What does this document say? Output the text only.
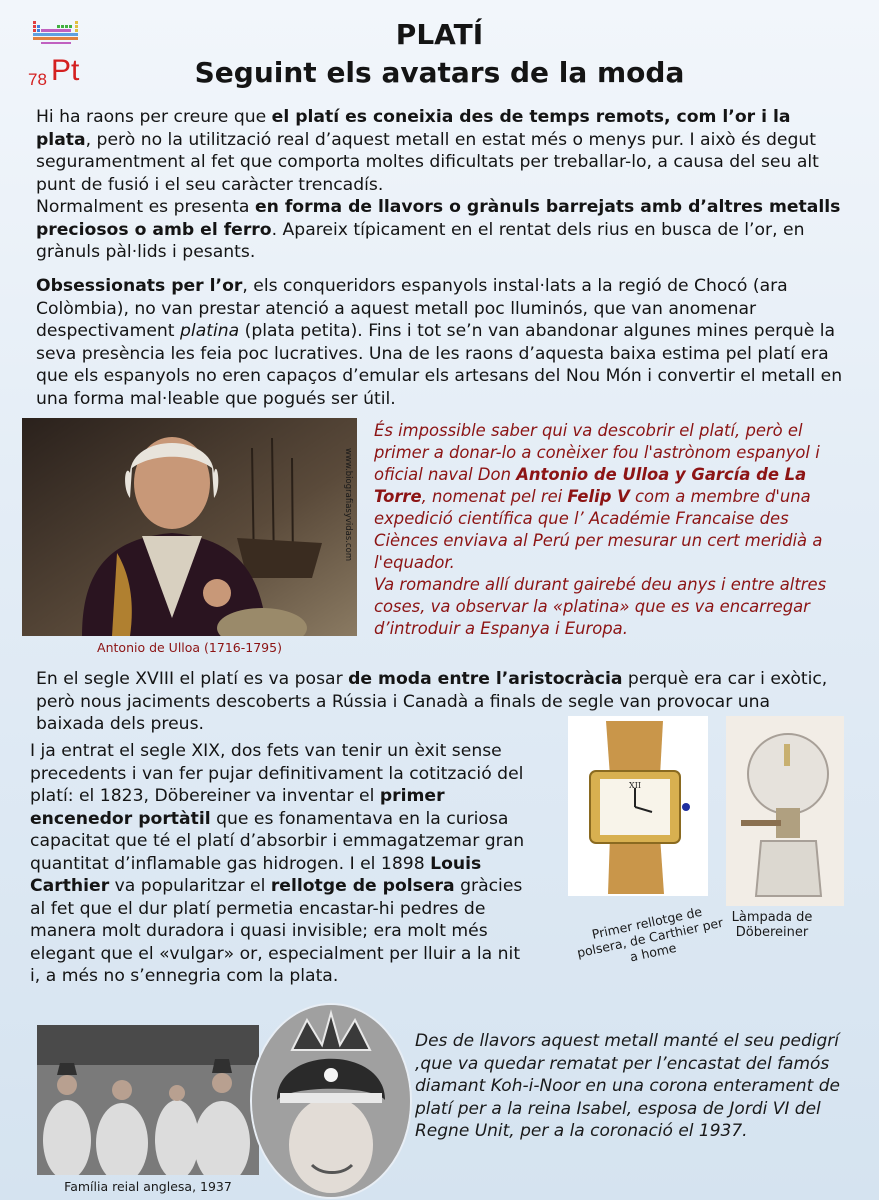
78 Pt
PLATÍ
Seguint els avatars de la moda
Hi ha raons per creure que el platí es coneixia des de temps remots, com l’or i la plata, però no la utilització real d’aquest metall en estat més o menys pur. I això és degut seguramentment al fet que comporta moltes dificultats per treballar-lo, a causa del seu alt punt de fusió i el seu caràcter trencadís.
Normalment es presenta en forma de llavors o grànuls barrejats amb d’altres metalls preciosos o amb el ferro. Apareix típicament en el rentat dels rius en busca de l’or, en grànuls pàl·lids i pesants.
Obsessionats per l’or, els conqueridors espanyols instal·lats a la regió de Chocó (ara Colòmbia), no van prestar atenció a aquest metall poc lluminós, que van anomenar despectivament platina (plata petita). Fins i tot se’n van abandonar algunes mines perquè la seva presència les feia poc lucratives. Una de les raons d’aquesta baixa estima pel platí era que els espanyols no eren capaços d’emular els artesans del Nou Món i convertir el metall en una forma mal·leable que pogués ser útil.
www.biografiasyvidas.com
Antonio de Ulloa (1716-1795)
És impossible saber qui va descobrir el platí, però el primer a donar-lo a conèixer fou l'astrònom espanyol i oficial naval Don Antonio de Ulloa y García de La Torre, nomenat pel rei Felip V com a membre d'una expedició científica que l’ Académie Francaise des Ciènces enviava al Perú per mesurar un cert meridià a l'equador.
Va romandre allí durant gairebé deu anys i entre altres coses, va observar la «platina» que es va encarregar d’introduir a Espanya i Europa.
En el segle XVIII el platí es va posar de moda entre l’aristocràcia perquè era car i exòtic, però nous jaciments descoberts a Rússia i Canadà a finals de segle van provocar una baixada dels preus.
I ja entrat el segle XIX, dos fets van tenir un èxit sense precedents i van fer pujar definitivament la cotització del platí: el 1823, Döbereiner va inventar el primer encenedor portàtil que es fonamentava en la curiosa capacitat que té el platí d’absorbir i emmagatzemar gran quantitat d’inflamable gas hidrogen. I el 1898 Louis Carthier va popularitzar el rellotge de polsera gràcies al fet que el dur platí permetia encastar-hi pedres de manera molt duradora i quasi invisible; era molt més elegant que el «vulgar» or, especialment per lluir a la nit i, a més no s’ennegria com la plata.
XII
Primer rellotge de polsera, de Carthier per a home
Làmpada de Döbereiner
Família reial anglesa, 1937
Des de llavors aquest metall manté el seu pedigrí ,que va quedar rematat per l’encastat del famós diamant Koh-i-Noor en una corona enterament de platí per a la reina Isabel, esposa de Jordi VI del Regne Unit, per a la coronació el 1937.
